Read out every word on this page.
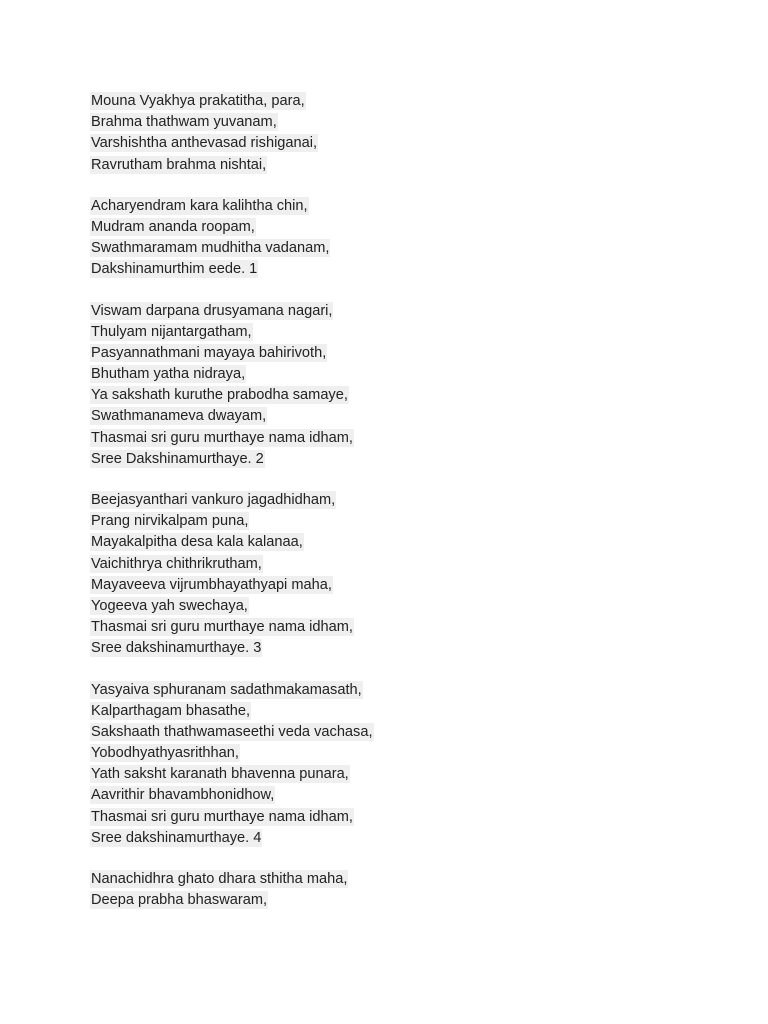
Mouna Vyakhya prakatitha, para,
Brahma thathwam yuvanam,
Varshishtha anthevasad rishiganai,
Ravrutham brahma nishtai,
Acharyendram kara kalihtha chin,
Mudram ananda roopam,
Swathmaramam mudhitha vadanam,
Dakshinamurthim eede. 1
Viswam darpana drusyamana nagari,
Thulyam nijantargatham,
Pasyannathmani mayaya bahirivoth,
Bhutham yatha nidraya,
Ya sakshath kuruthe prabodha samaye,
Swathmanameva dwayam,
Thasmai sri guru murthaye nama idham,
Sree Dakshinamurthaye. 2
Beejasyanthari vankuro jagadhidham,
Prang nirvikalpam puna,
Mayakalpitha desa kala kalanaa,
Vaichithrya chithrikrutham,
Mayaveeva vijrumbhayathyapi maha,
Yogeeva yah swechaya,
Thasmai sri guru murthaye nama idham,
Sree dakshinamurthaye. 3
Yasyaiva sphuranam sadathmakamasath,
Kalparthagam bhasathe,
Sakshaath thathwamaseethi veda vachasa,
Yobodhyathyasrithhan,
Yath saksht karanath bhavenna punara,
Aavrithir bhavambhonidhow,
Thasmai sri guru murthaye nama idham,
Sree dakshinamurthaye. 4
Nanachidhra ghato dhara sthitha maha,
Deepa prabha bhaswaram,
